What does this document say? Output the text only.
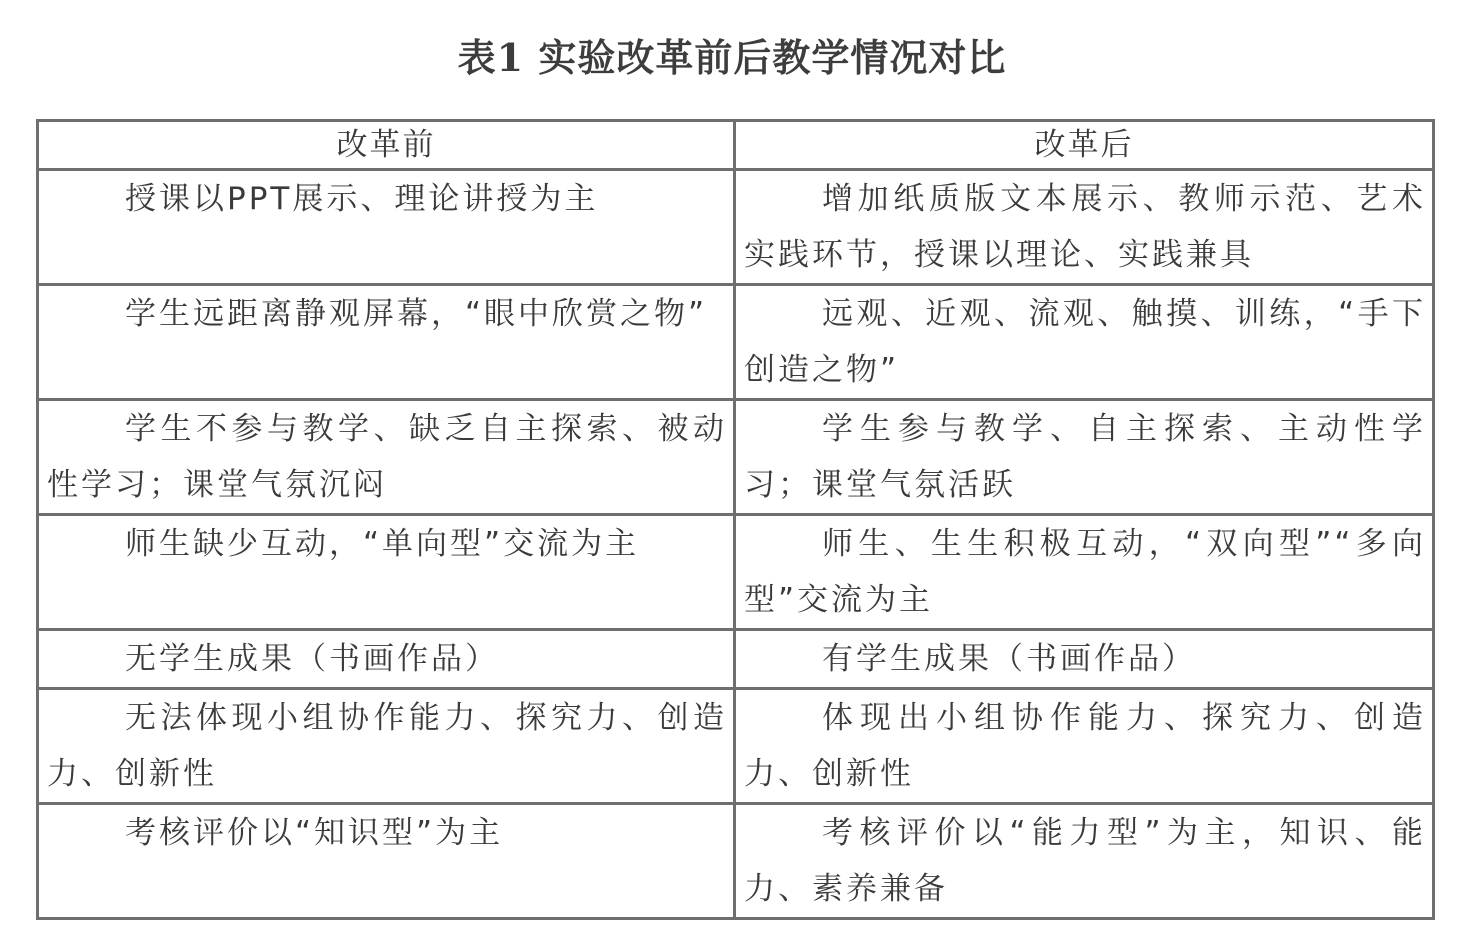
表1 实验改革前后教学情况对比
改革前	改革后
授课以PPT展示、理论讲授为主	增加纸质版文本展示、教师示范、艺术实践环节，授课以理论、实践兼具
学生远距离静观屏幕，“眼中欣赏之物”	远观、近观、流观、触摸、训练，“手下创造之物”
学生不参与教学、缺乏自主探索、被动性学习；课堂气氛沉闷	学生参与教学、自主探索、主动性学习；课堂气氛活跃
师生缺少互动，“单向型”交流为主	师生、生生积极互动，“双向型”“多向型”交流为主
无学生成果（书画作品）	有学生成果（书画作品）
无法体现小组协作能力、探究力、创造力、创新性	体现出小组协作能力、探究力、创造力、创新性
考核评价以“知识型”为主	考核评价以“能力型”为主，知识、能力、素养兼备
